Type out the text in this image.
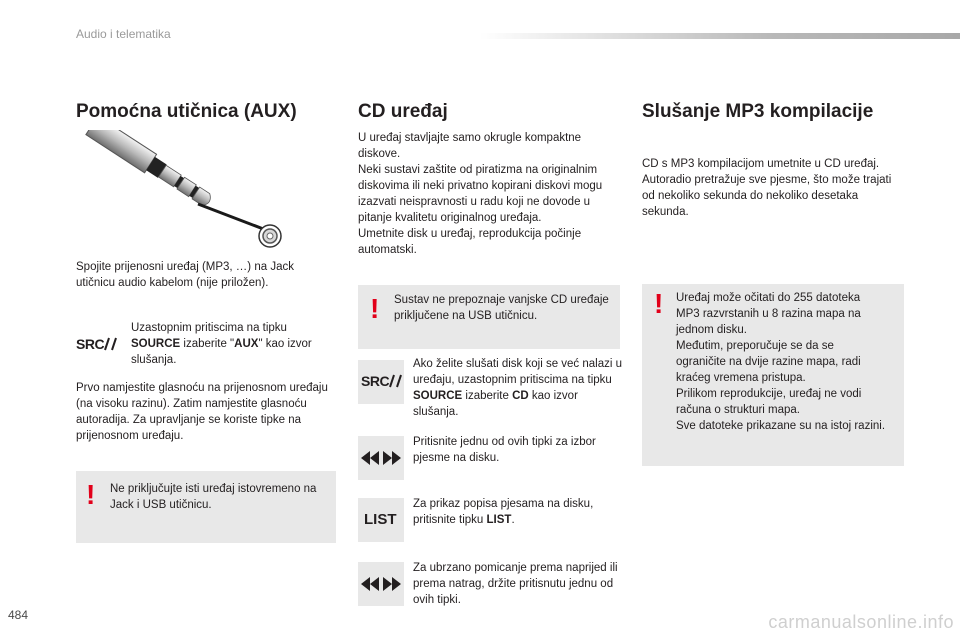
Audio i telematika
Pomoćna utičnica (AUX)

Spojite prijenosni uređaj (MP3, …) na Jack utičnicu audio kabelom (nije priložen).

SRC

Uzastopnim pritiscima na tipku SOURCE izaberite "AUX" kao izvor slušanja.

Prvo namjestite glasnoću na prijenosnom uređaju (na visoku razinu). Zatim namjestite glasnoću autoradija. Za upravljanje se koriste tipke na prijenosnom uređaju.

! Ne priključujte isti uređaj istovremeno na Jack i USB utičnicu.

CD uređaj

U uređaj stavljajte samo okrugle kompaktne diskove.
Neki sustavi zaštite od piratizma na originalnim diskovima ili neki privatno kopirani diskovi mogu izazvati neispravnosti u radu koji ne dovode u pitanje kvalitetu originalnog uređaja.
Umetnite disk u uređaj, reprodukcija počinje automatski.

! Sustav ne prepoznaje vanjske CD uređaje priključene na USB utičnicu.

SRC

Ako želite slušati disk koji se već nalazi u uređaju, uzastopnim pritiscima na tipku SOURCE izaberite CD kao izvor slušanja.

Pritisnite jednu od ovih tipki za izbor pjesme na disku.

LIST

Za prikaz popisa pjesama na disku, pritisnite tipku LIST.

Za ubrzano pomicanje prema naprijed ili prema natrag, držite pritisnutu jednu od ovih tipki.

Slušanje MP3 kompilacije

CD s MP3 kompilacijom umetnite u CD uređaj. Autoradio pretražuje sve pjesme, što može trajati od nekoliko sekunda do nekoliko desetaka sekunda.

! Uređaj može očitati do 255 datoteka MP3 razvrstanih u 8 razina mapa na jednom disku.
Međutim, preporučuje se da se ograničite na dvije razine mapa, radi kraćeg vremena pristupa.
Prilikom reprodukcije, uređaj ne vodi računa o strukturi mapa.
Sve datoteke prikazane su na istoj razini.

484	carmanualsonline.info
